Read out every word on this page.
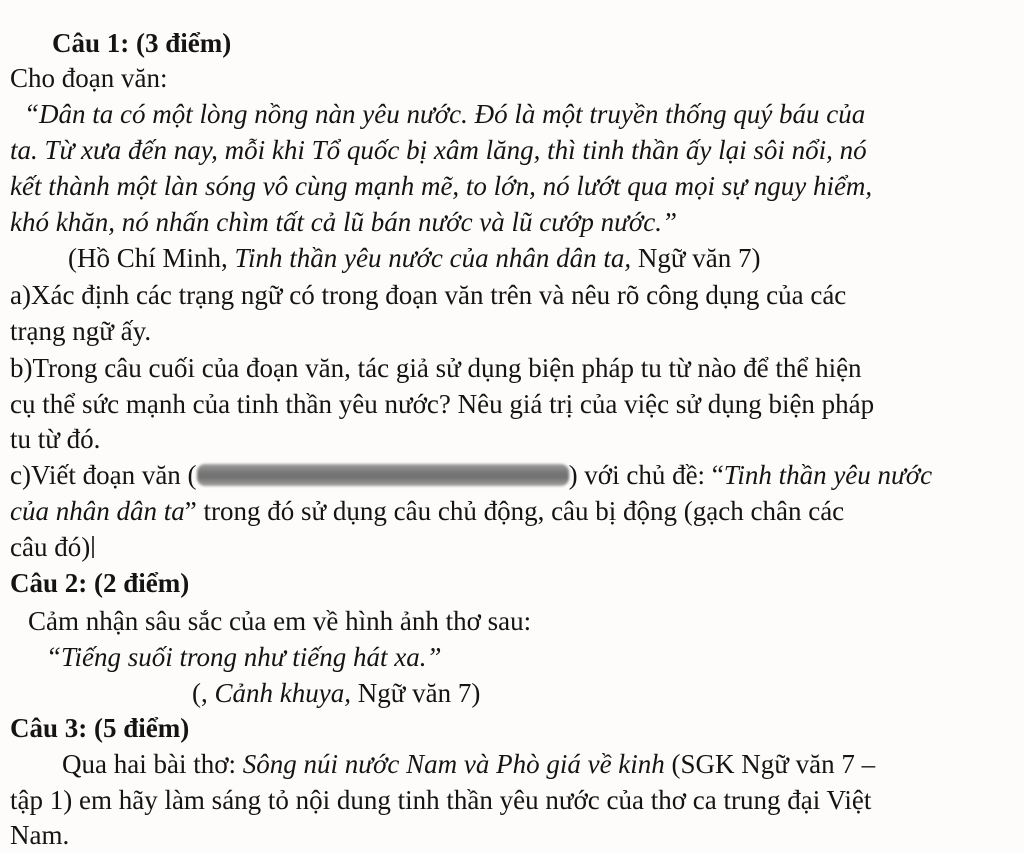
Câu 1: (3 điểm)
Cho đoạn văn:
“Dân ta có một lòng nồng nàn yêu nước. Đó là một truyền thống quý báu của
ta. Từ xưa đến nay, mỗi khi Tổ quốc bị xâm lăng, thì tinh thần ấy lại sôi nổi, nó
kết thành một làn sóng vô cùng mạnh mẽ, to lớn, nó lướt qua mọi sự nguy hiểm,
khó khăn, nó nhấn chìm tất cả lũ bán nước và lũ cướp nước.”
(Hồ Chí Minh, Tinh thần yêu nước của nhân dân ta, Ngữ văn 7)
a)Xác định các trạng ngữ có trong đoạn văn trên và nêu rõ công dụng của các
trạng ngữ ấy.
b)Trong câu cuối của đoạn văn, tác giả sử dụng biện pháp tu từ nào để thể hiện
cụ thể sức mạnh của tinh thần yêu nước? Nêu giá trị của việc sử dụng biện pháp
tu từ đó.
c)Viết đoạn văn (	) với chủ đề: “Tinh thần yêu nước
của nhân dân ta” trong đó sử dụng câu chủ động, câu bị động (gạch chân các
câu đó)
Câu 2: (2 điểm)
Cảm nhận sâu sắc của em về hình ảnh thơ sau:
“Tiếng suối trong như tiếng hát xa.”
(, Cảnh khuya, Ngữ văn 7)
Câu 3: (5 điểm)
Qua hai bài thơ: Sông núi nước Nam và Phò giá về kinh (SGK Ngữ văn 7 –
tập 1) em hãy làm sáng tỏ nội dung tinh thần yêu nước của thơ ca trung đại Việt
Nam.
